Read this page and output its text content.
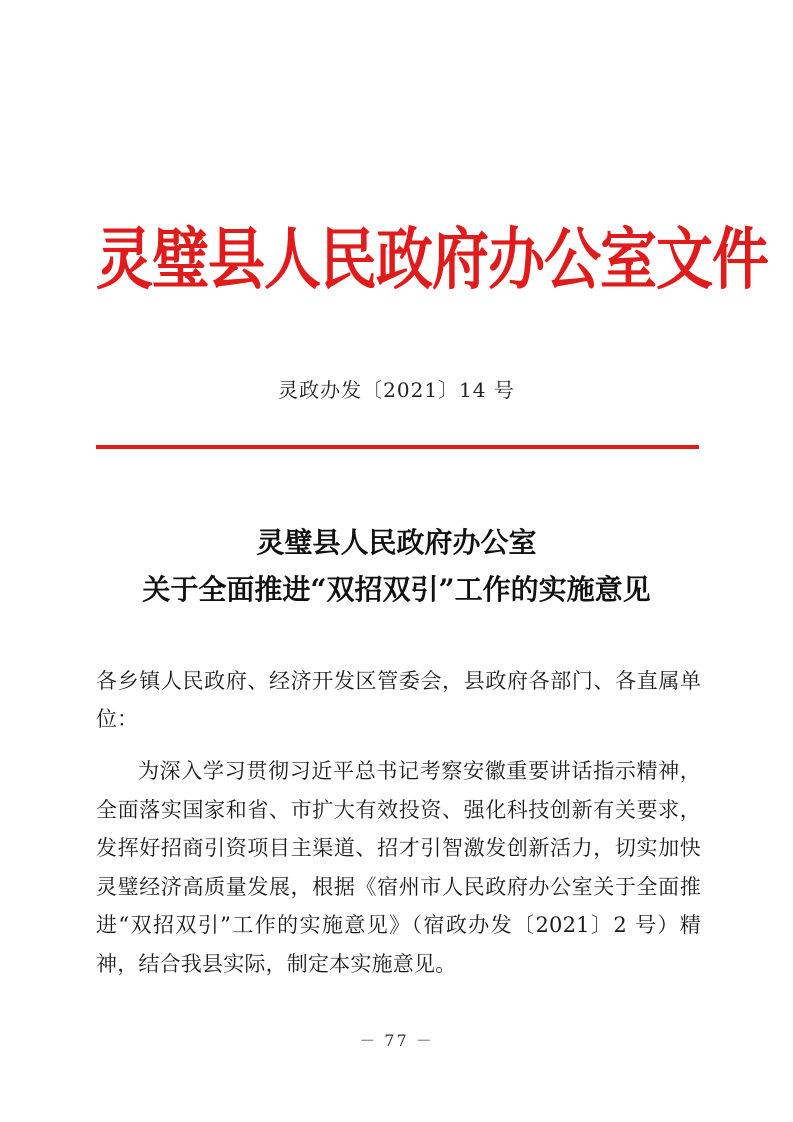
灵璧县人民政府办公室文件
灵政办发〔2021〕14 号
灵璧县人民政府办公室
关于全面推进“双招双引”工作的实施意见
各乡镇人民政府、经济开发区管委会，县政府各部门、各直属单位：
为深入学习贯彻习近平总书记考察安徽重要讲话指示精神，全面落实国家和省、市扩大有效投资、强化科技创新有关要求，发挥好招商引资项目主渠道、招才引智激发创新活力，切实加快灵璧经济高质量发展，根据《宿州市人民政府办公室关于全面推进“双招双引”工作的实施意见》（宿政办发〔2021〕2 号）精神，结合我县实际，制定本实施意见。
－ 77 －
